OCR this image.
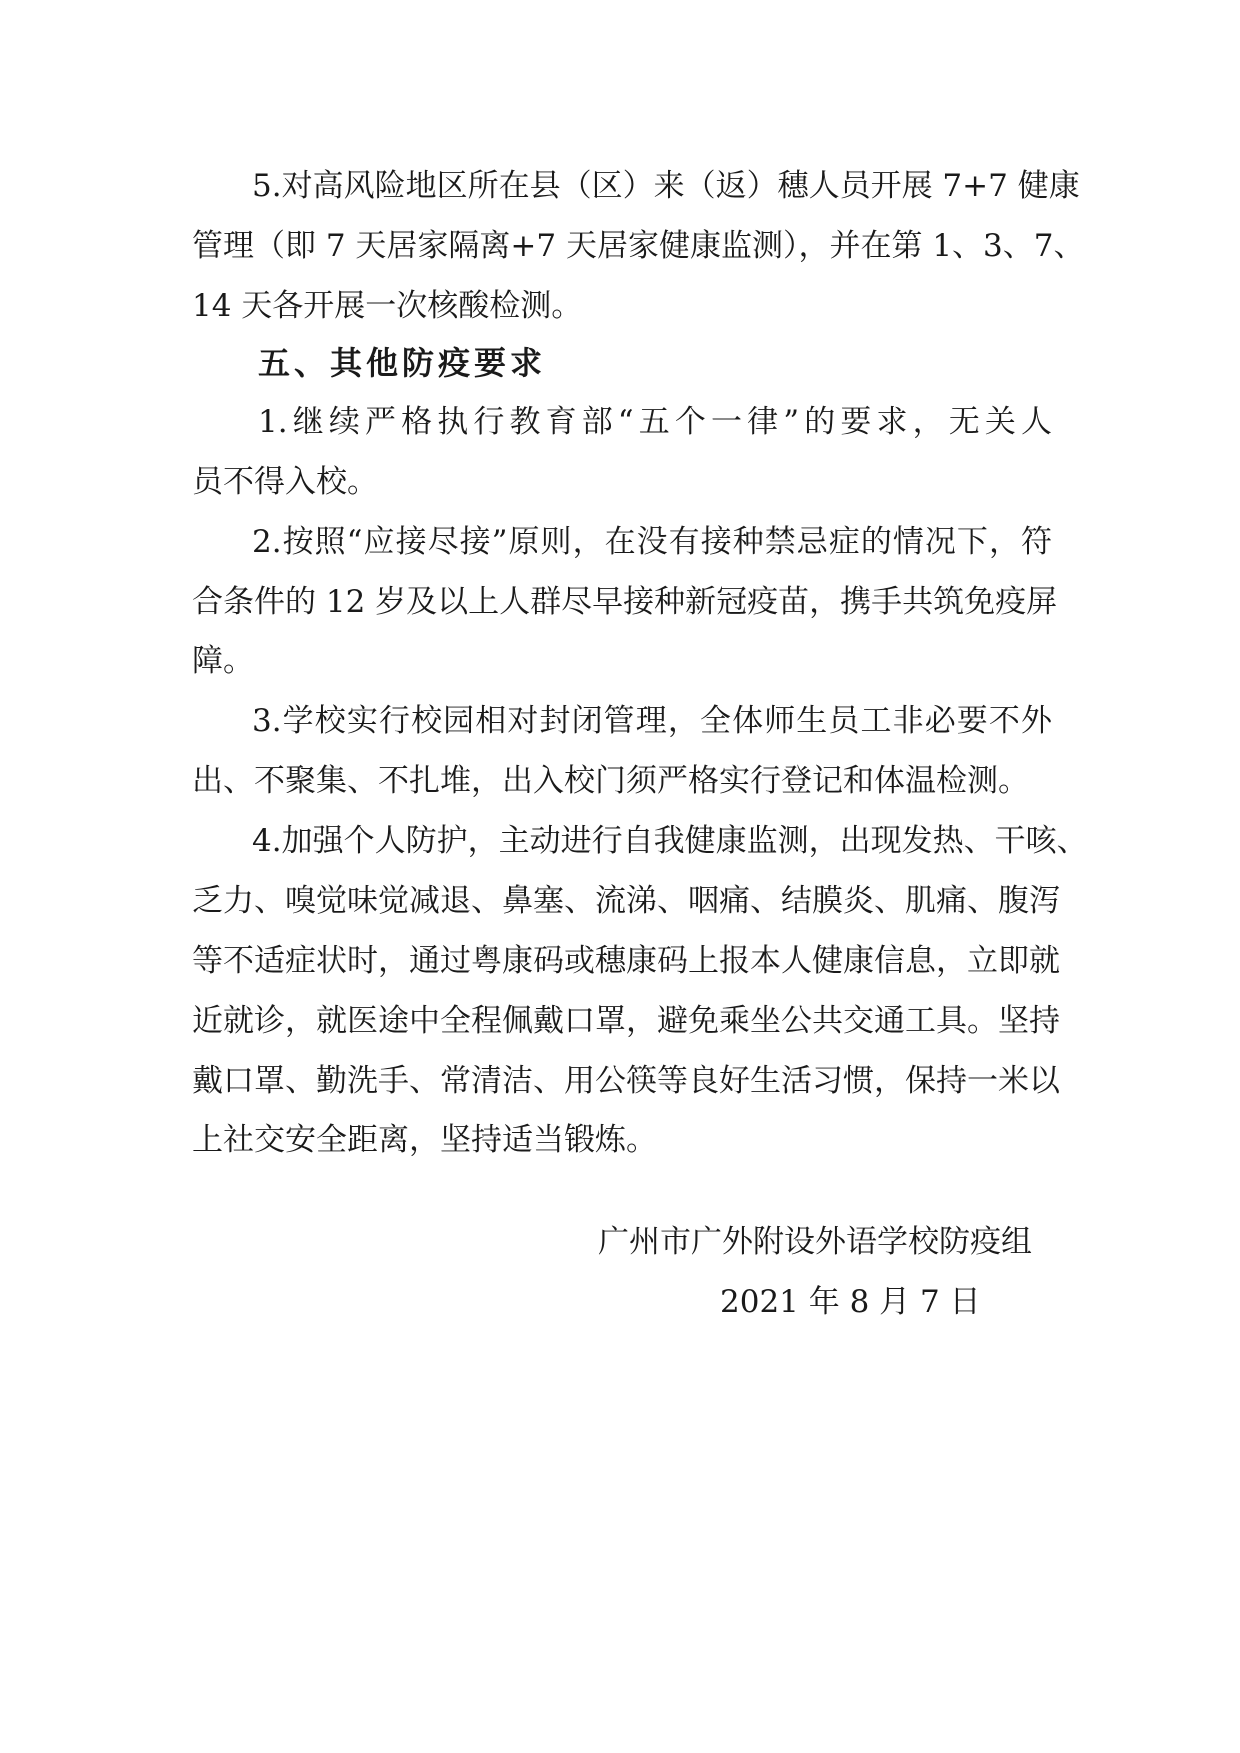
5.对高风险地区所在县（区）来（返）穗人员开展 7+7 健康
管理（即 7 天居家隔离+7 天居家健康监测），并在第 1、3、7、
14 天各开展一次核酸检测。
五、其他防疫要求
1.继续严格执行教育部“五个一律”的要求，无关人
员不得入校。
2.按照“应接尽接”原则，在没有接种禁忌症的情况下，符
合条件的 12 岁及以上人群尽早接种新冠疫苗，携手共筑免疫屏
障。
3.学校实行校园相对封闭管理，全体师生员工非必要不外
出、不聚集、不扎堆，出入校门须严格实行登记和体温检测。
4.加强个人防护，主动进行自我健康监测，出现发热、干咳、
乏力、嗅觉味觉减退、鼻塞、流涕、咽痛、结膜炎、肌痛、腹泻
等不适症状时，通过粤康码或穗康码上报本人健康信息，立即就
近就诊，就医途中全程佩戴口罩，避免乘坐公共交通工具。坚持
戴口罩、勤洗手、常清洁、用公筷等良好生活习惯，保持一米以
上社交安全距离，坚持适当锻炼。
广州市广外附设外语学校防疫组
2021 年 8 月 7 日
